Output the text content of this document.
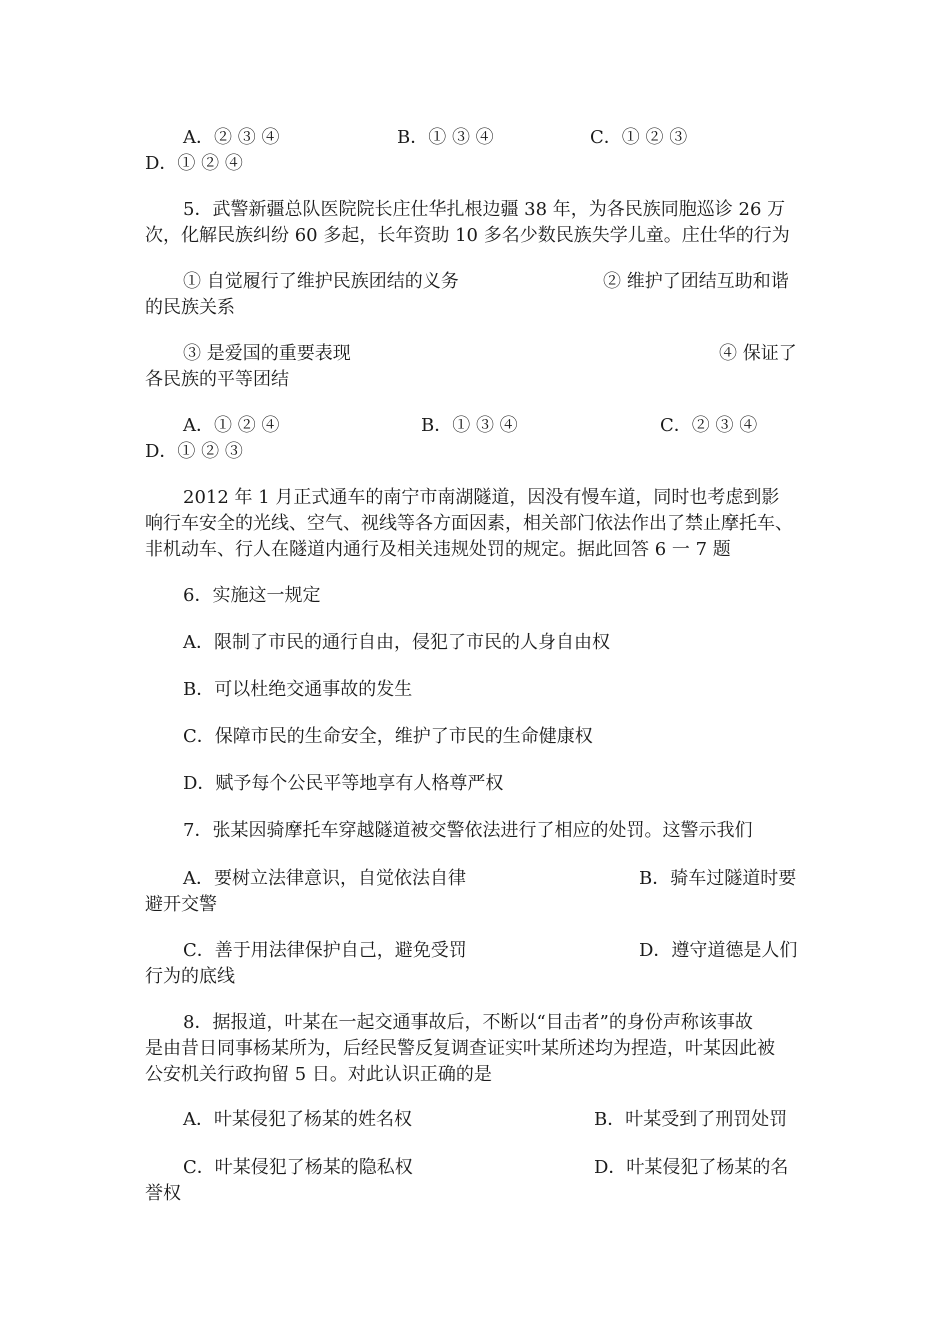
A．② ③ ④	B．① ③ ④	C．① ② ③
D．① ② ④
5．武警新疆总队医院院长庄仕华扎根边疆 38 年，为各民族同胞巡诊 26 万
次，化解民族纠纷 60 多起，长年资助 10 多名少数民族失学儿童。庄仕华的行为
① 自觉履行了维护民族团结的义务	② 维护了团结互助和谐
的民族关系
③ 是爱国的重要表现	④ 保证了
各民族的平等团结
A．① ② ④	B．① ③ ④	C．② ③ ④
D．① ② ③
2012 年 1 月正式通车的南宁市南湖隧道，因没有慢车道，同时也考虑到影
响行车安全的光线、空气、视线等各方面因素，相关部门依法作出了禁止摩托车、
非机动车、行人在隧道内通行及相关违规处罚的规定。据此回答 6 一 7 题
6．实施这一规定
A．限制了市民的通行自由，侵犯了市民的人身自由权
B．可以杜绝交通事故的发生
C．保障市民的生命安全，维护了市民的生命健康权
D．赋予每个公民平等地享有人格尊严权
7．张某因骑摩托车穿越隧道被交警依法进行了相应的处罚。这警示我们
A．要树立法律意识，自觉依法自律	B．骑车过隧道时要
避开交警
C．善于用法律保护自己，避免受罚	D．遵守道德是人们
行为的底线
8．据报道，叶某在一起交通事故后，不断以“目击者”的身份声称该事故
是由昔日同事杨某所为，后经民警反复调查证实叶某所述均为捏造，叶某因此被
公安机关行政拘留 5 日。对此认识正确的是
A．叶某侵犯了杨某的姓名权	B．叶某受到了刑罚处罚
C．叶某侵犯了杨某的隐私权	D．叶某侵犯了杨某的名
誉权
